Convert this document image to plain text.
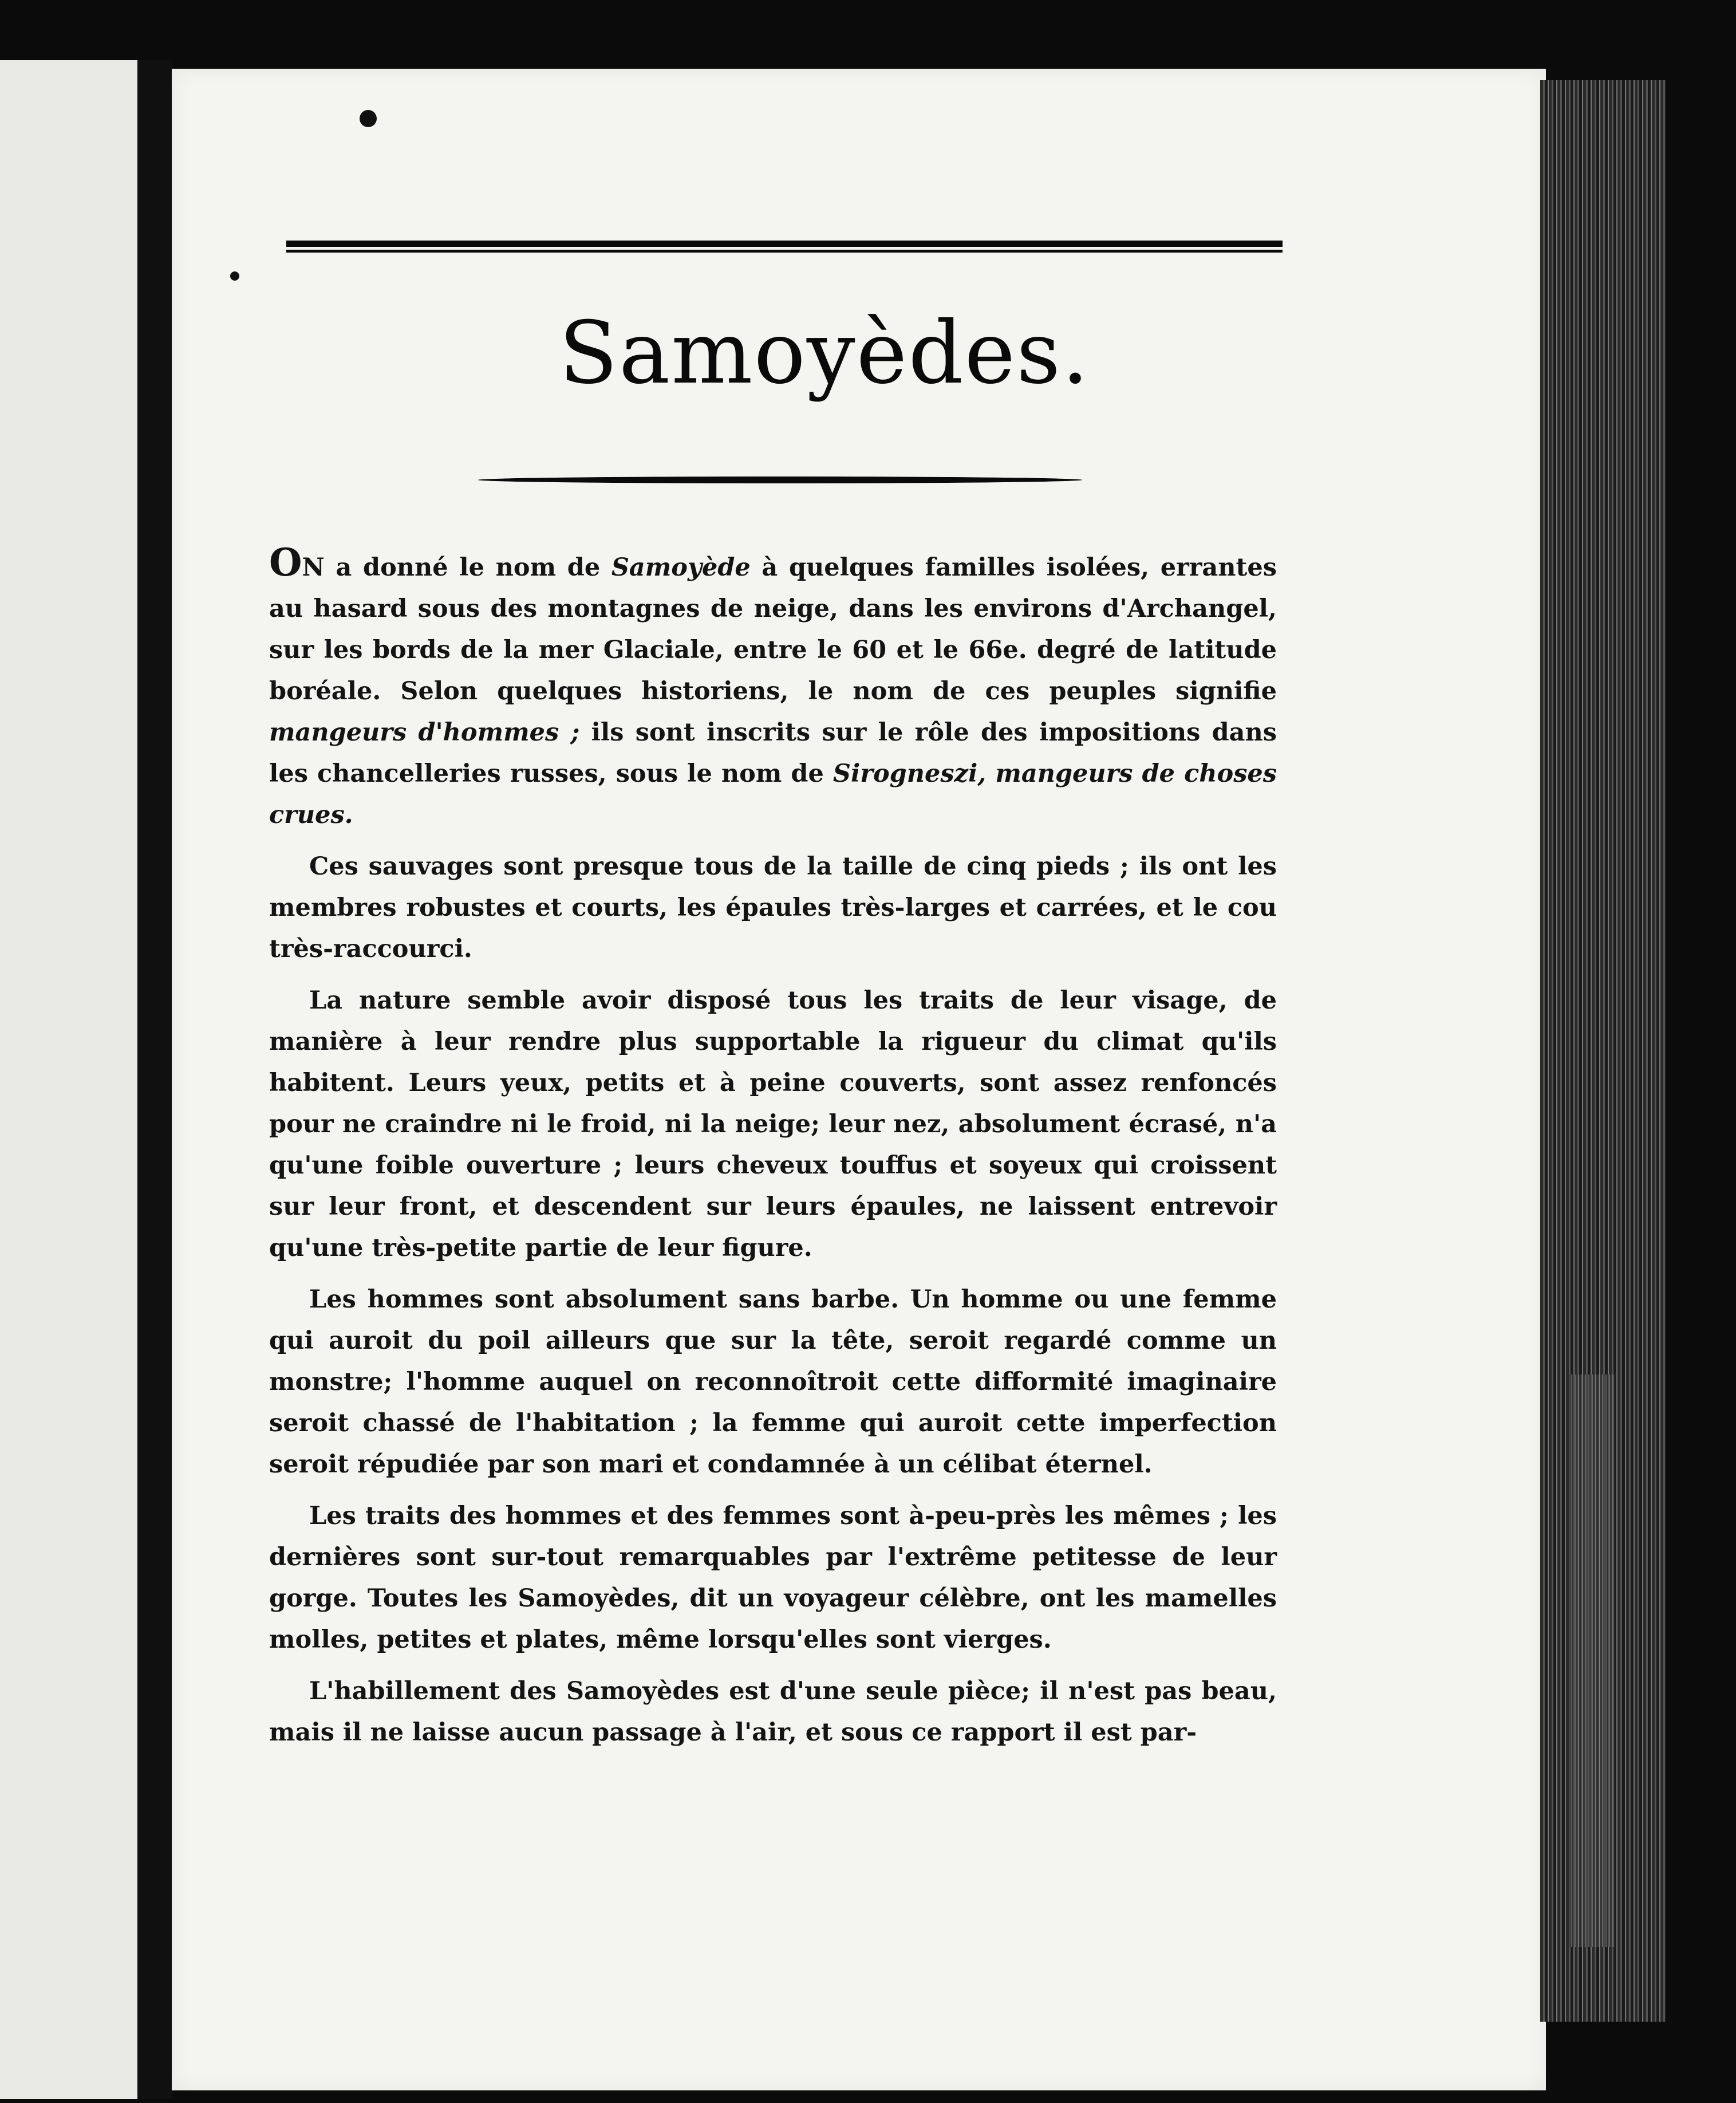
Samoyèdes.

ON a donné le nom de Samoyède à quelques familles isolées, errantes au hasard sous des montagnes de neige, dans les environs d'Archangel, sur les bords de la mer Glaciale, entre le 60 et le 66e. degré de latitude boréale. Selon quelques historiens, le nom de ces peuples signifie mangeurs d'hommes ; ils sont inscrits sur le rôle des impositions dans les chancelleries russes, sous le nom de Sirogneszi, mangeurs de choses crues.

Ces sauvages sont presque tous de la taille de cinq pieds ; ils ont les membres robustes et courts, les épaules très-larges et carrées, et le cou très-raccourci.

La nature semble avoir disposé tous les traits de leur visage, de manière à leur rendre plus supportable la rigueur du climat qu'ils habitent. Leurs yeux, petits et à peine couverts, sont assez renfoncés pour ne craindre ni le froid, ni la neige; leur nez, absolument écrasé, n'a qu'une foible ouverture ; leurs cheveux touffus et soyeux qui croissent sur leur front, et descendent sur leurs épaules, ne laissent entrevoir qu'une très-petite partie de leur figure.

Les hommes sont absolument sans barbe. Un homme ou une femme qui auroit du poil ailleurs que sur la tête, seroit regardé comme un monstre; l'homme auquel on reconnoîtroit cette difformité imaginaire seroit chassé de l'habitation ; la femme qui auroit cette imperfection seroit répudiée par son mari et condamnée à un célibat éternel.

Les traits des hommes et des femmes sont à-peu-près les mêmes ; les dernières sont sur-tout remarquables par l'extrême petitesse de leur gorge. Toutes les Samoyèdes, dit un voyageur célèbre, ont les mamelles molles, petites et plates, même lorsqu'elles sont vierges.

L'habillement des Samoyèdes est d'une seule pièce; il n'est pas beau, mais il ne laisse aucun passage à l'air, et sous ce rapport il est par-
